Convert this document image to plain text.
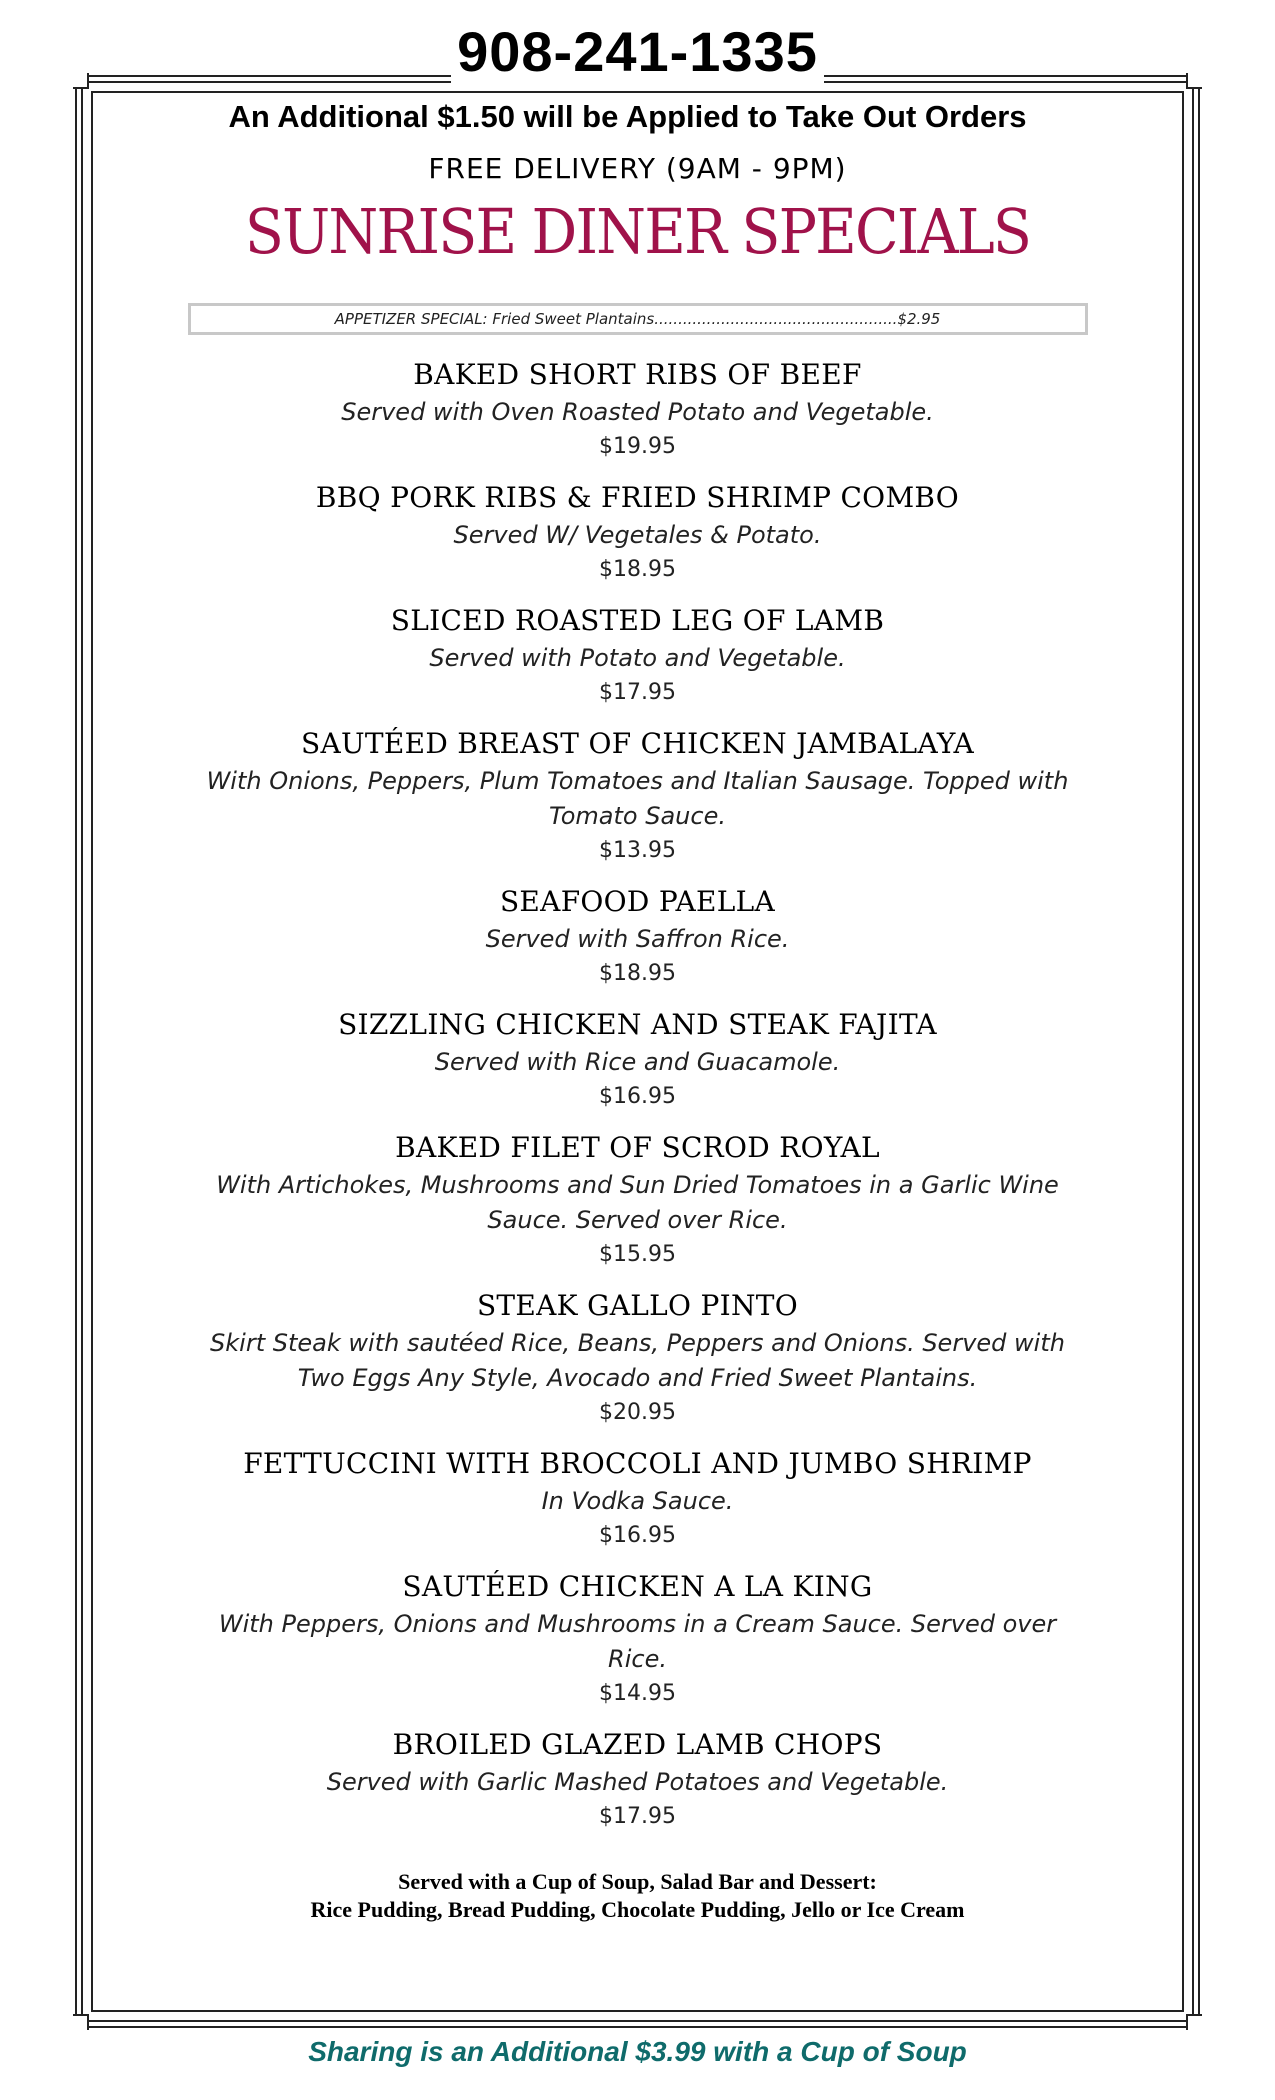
908-241-1335
An Additional $1.50 will be Applied to Take Out Orders
FREE DELIVERY (9AM - 9PM)
SUNRISE DINER SPECIALS
APPETIZER SPECIAL: Fried Sweet Plantains...................................................$2.95
BAKED SHORT RIBS OF BEEF
Served with Oven Roasted Potato and Vegetable.
$19.95
BBQ PORK RIBS & FRIED SHRIMP COMBO
Served W/ Vegetales & Potato.
$18.95
SLICED ROASTED LEG OF LAMB
Served with Potato and Vegetable.
$17.95
SAUTÉED BREAST OF CHICKEN JAMBALAYA
With Onions, Peppers, Plum Tomatoes and Italian Sausage. Topped with Tomato Sauce.
$13.95
SEAFOOD PAELLA
Served with Saffron Rice.
$18.95
SIZZLING CHICKEN AND STEAK FAJITA
Served with Rice and Guacamole.
$16.95
BAKED FILET OF SCROD ROYAL
With Artichokes, Mushrooms and Sun Dried Tomatoes in a Garlic Wine Sauce. Served over Rice.
$15.95
STEAK GALLO PINTO
Skirt Steak with sautéed Rice, Beans, Peppers and Onions. Served with Two Eggs Any Style, Avocado and Fried Sweet Plantains.
$20.95
FETTUCCINI WITH BROCCOLI AND JUMBO SHRIMP
In Vodka Sauce.
$16.95
SAUTÉED CHICKEN A LA KING
With Peppers, Onions and Mushrooms in a Cream Sauce. Served over Rice.
$14.95
BROILED GLAZED LAMB CHOPS
Served with Garlic Mashed Potatoes and Vegetable.
$17.95
Served with a Cup of Soup, Salad Bar and Dessert:
Rice Pudding, Bread Pudding, Chocolate Pudding, Jello or Ice Cream
Sharing is an Additional $3.99 with a Cup of Soup
